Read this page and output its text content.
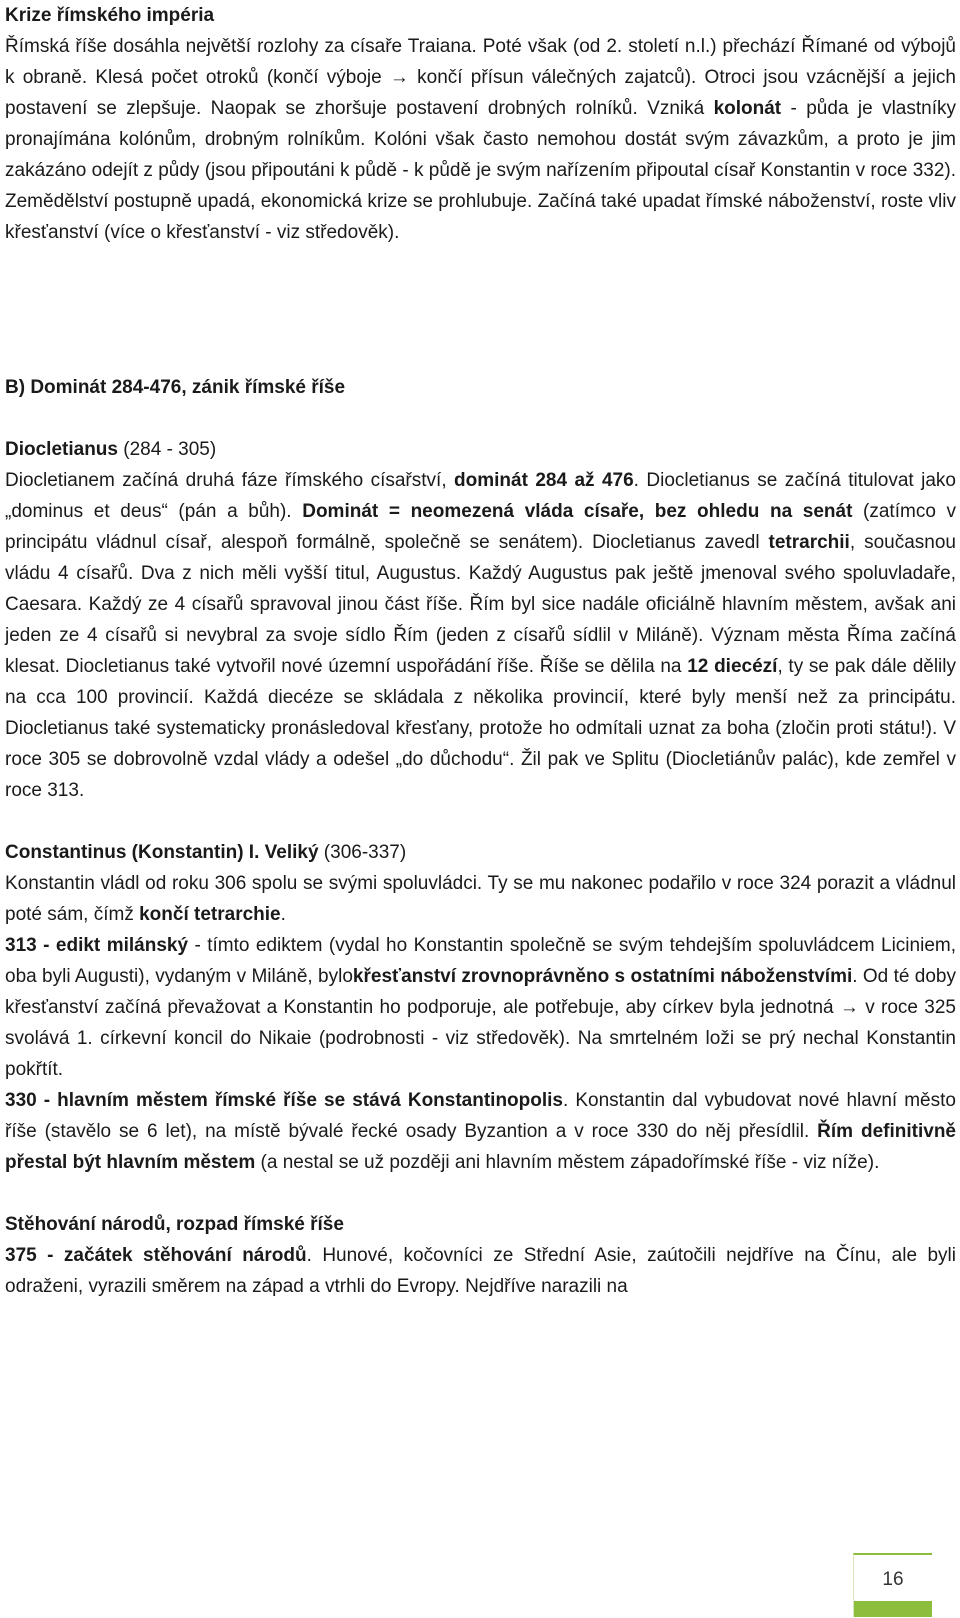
Krize římského impéria

Římská říše dosáhla největší rozlohy za císaře Traiana. Poté však (od 2. století n.l.) přechází Římané od výbojů k obraně. Klesá počet otroků (končí výboje → končí přísun válečných zajatců). Otroci jsou vzácnější a jejich postavení se zlepšuje. Naopak se zhoršuje postavení drobných rolníků. Vzniká kolonát - půda je vlastníky pronajímána kolónům, drobným rolníkům. Kolóni však často nemohou dostát svým závazkům, a proto je jim zakázáno odejít z půdy (jsou připoutáni k půdě - k půdě je svým nařízením připoutal císař Konstantin v roce 332). Zemědělství postupně upadá, ekonomická krize se prohlubuje. Začíná také upadat římské náboženství, roste vliv křesťanství (více o křesťanství - viz středověk).

B) Dominát 284-476, zánik římské říše
Diocletianus (284 - 305)

Diocletianem začíná druhá fáze římského císařství, dominát 284 až 476. Diocletianus se začíná titulovat jako „dominus et deus“ (pán a bůh). Dominát = neomezená vláda císaře, bez ohledu na senát (zatímco v principátu vládnul císař, alespoň formálně, společně se senátem). Diocletianus zavedl tetrarchii, současnou vládu 4 císařů. Dva z nich měli vyšší titul, Augustus. Každý Augustus pak ještě jmenoval svého spoluvladaře, Caesara. Každý ze 4 císařů spravoval jinou část říše. Řím byl sice nadále oficiálně hlavním městem, avšak ani jeden ze 4 císařů si nevybral za svoje sídlo Řím (jeden z císařů sídlil v Miláně). Význam města Říma začíná klesat. Diocletianus také vytvořil nové územní uspořádání říše. Říše se dělila na 12 diecézí, ty se pak dále dělily na cca 100 provincií. Každá diecéze se skládala z několika provincií, které byly menší než za principátu. Diocletianus také systematicky pronásledoval křesťany, protože ho odmítali uznat za boha (zločin proti státu!). V roce 305 se dobrovolně vzdal vlády a odešel „do důchodu“. Žil pak ve Splitu (Diocletiánův palác), kde zemřel v roce 313.

Constantinus (Konstantin) I. Veliký (306-337)

Konstantin vládl od roku 306 spolu se svými spoluvládci. Ty se mu nakonec podařilo v roce 324 porazit a vládnul poté sám, čímž končí tetrarchie.

313 - edikt milánský - tímto ediktem (vydal ho Konstantin společně se svým tehdejším spoluvládcem Liciniem, oba byli Augusti), vydaným v Miláně, bylokřesťanství zrovnoprávněno s ostatními náboženstvími. Od té doby křesťanství začíná převažovat a Konstantin ho podporuje, ale potřebuje, aby církev byla jednotná → v roce 325 svolává 1. církevní koncil do Nikaie (podrobnosti - viz středověk). Na smrtelném loži se prý nechal Konstantin pokřtít.

330 - hlavním městem římské říše se stává Konstantinopolis. Konstantin dal vybudovat nové hlavní město říše (stavělo se 6 let), na místě bývalé řecké osady Byzantion a v roce 330 do něj přesídlil. Řím definitivně přestal být hlavním městem (a nestal se už později ani hlavním městem západořímské říše - viz níže).

Stěhování národů, rozpad římské říše

375 - začátek stěhování národů. Hunové, kočovníci ze Střední Asie, zaútočili nejdříve na Čínu, ale byli odraženi, vyrazili směrem na západ a vtrhli do Evropy. Nejdříve narazili na

16
